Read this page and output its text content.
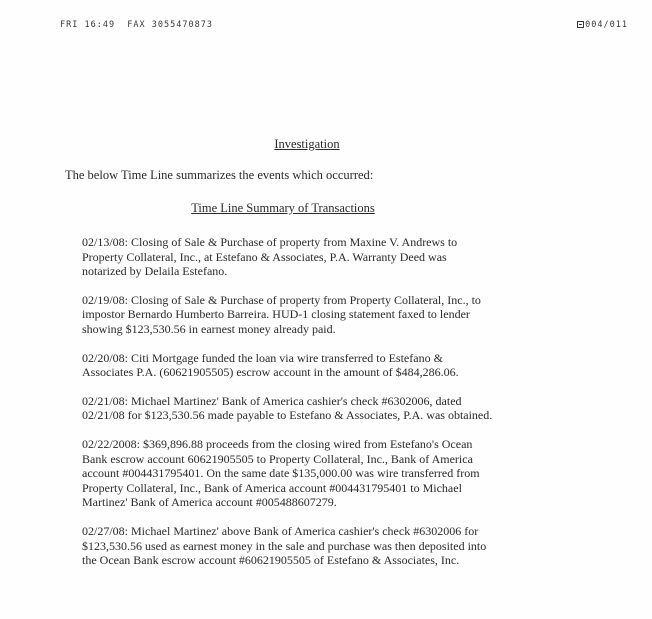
FRI 16:49  FAX 3055470873	004/011
Investigation
The below Time Line summarizes the events which occurred:
Time Line Summary of Transactions

02/13/08: Closing of Sale & Purchase of property from Maxine V. Andrews to
Property Collateral, Inc., at Estefano & Associates, P.A. Warranty Deed was
notarized by Delaila Estefano.

02/19/08: Closing of Sale & Purchase of property from Property Collateral, Inc., to
impostor Bernardo Humberto Barreira. HUD-1 closing statement faxed to lender
showing $123,530.56 in earnest money already paid.

02/20/08: Citi Mortgage funded the loan via wire transferred to Estefano &
Associates P.A. (60621905505) escrow account in the amount of $484,286.06.

02/21/08: Michael Martinez' Bank of America cashier's check #6302006, dated
02/21/08 for $123,530.56 made payable to Estefano & Associates, P.A. was obtained.

02/22/2008: $369,896.88 proceeds from the closing wired from Estefano's Ocean
Bank escrow account 60621905505 to Property Collateral, Inc., Bank of America
account #004431795401. On the same date $135,000.00 was wire transferred from
Property Collateral, Inc., Bank of America account #004431795401 to Michael
Martinez' Bank of America account #005488607279.

02/27/08: Michael Martinez' above Bank of America cashier's check #6302006 for
$123,530.56 used as earnest money in the sale and purchase was then deposited into
the Ocean Bank escrow account #60621905505 of Estefano & Associates, Inc.
